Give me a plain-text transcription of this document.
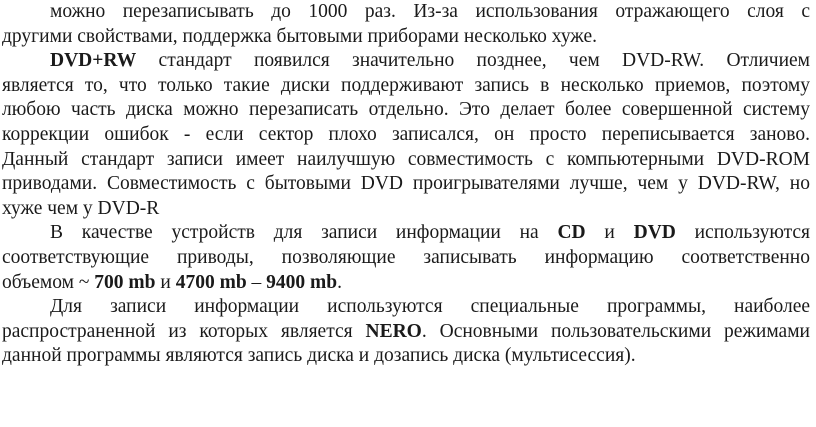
можно перезаписывать до 1000 раз. Из-за использования отражающего слоя с
другими свойствами, поддержка бытовыми приборами несколько хуже.
DVD+RW стандарт появился значительно позднее, чем DVD-RW. Отличием
является то, что только такие диски поддерживают запись в несколько приемов, поэтому
любою часть диска можно перезаписать отдельно. Это делает более совершенной систему
коррекции ошибок - если сектор плохо записался, он просто переписывается заново.
Данный стандарт записи имеет наилучшую совместимость с компьютерными DVD-ROM
приводами. Совместимость с бытовыми DVD проигрывателями лучше, чем у DVD-RW, но
хуже чем у DVD-R
В качестве устройств для записи информации на CD и DVD используются
соответствующие приводы, позволяющие записывать информацию соответственно
объемом ~ 700 mb и 4700 mb – 9400 mb.
Для записи информации используются специальные программы, наиболее
распространенной из которых является NERO. Основными пользовательскими режимами
данной программы являются запись диска и дозапись диска (мультисессия).
